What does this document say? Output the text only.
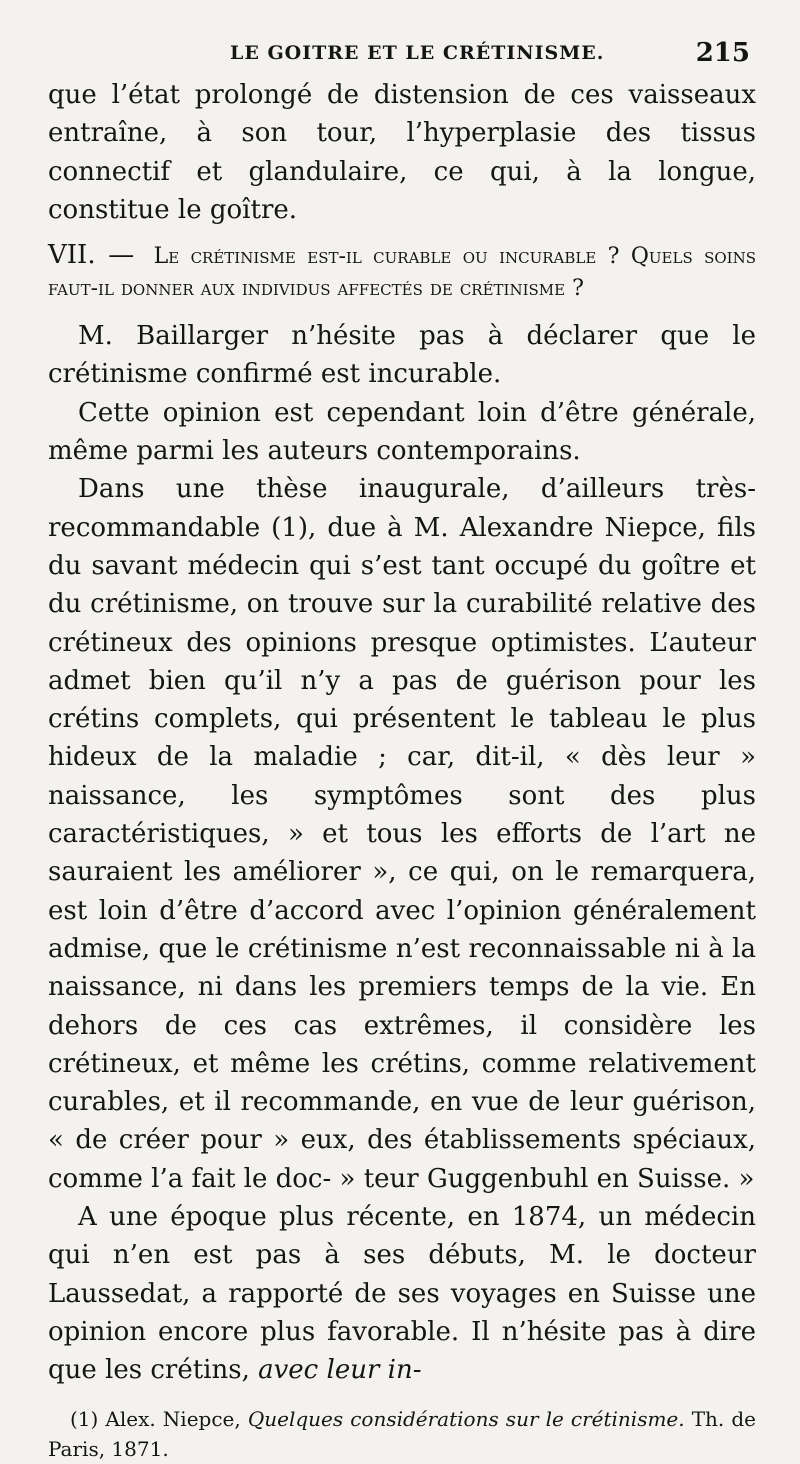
LE GOITRE ET LE CRÉTINISME.	215

que l’état prolongé de distension de ces vaisseaux entraîne, à son tour, l’hyperplasie des tissus connectif et glandulaire, ce qui, à la longue, constitue le goître.

VII. — Le crétinisme est-il curable ou incurable ? Quels soins faut-il donner aux individus affectés de crétinisme ?

M. Baillarger n’hésite pas à déclarer que le crétinisme confirmé est incurable.

Cette opinion est cependant loin d’être générale, même parmi les auteurs contemporains.

Dans une thèse inaugurale, d’ailleurs très-recommandable (1), due à M. Alexandre Niepce, fils du savant médecin qui s’est tant occupé du goître et du crétinisme, on trouve sur la curabilité relative des crétineux des opinions presque optimistes. L’auteur admet bien qu’il n’y a pas de guérison pour les crétins complets, qui présentent le tableau le plus hideux de la maladie ; car, dit-il, « dès leur » naissance, les symptômes sont des plus caractéristiques, » et tous les efforts de l’art ne sauraient les améliorer », ce qui, on le remarquera, est loin d’être d’accord avec l’opinion généralement admise, que le crétinisme n’est reconnaissable ni à la naissance, ni dans les premiers temps de la vie. En dehors de ces cas extrêmes, il considère les crétineux, et même les crétins, comme relativement curables, et il recommande, en vue de leur guérison, « de créer pour » eux, des établissements spéciaux, comme l’a fait le doc- » teur Guggenbuhl en Suisse. »

A une époque plus récente, en 1874, un médecin qui n’en est pas à ses débuts, M. le docteur Laussedat, a rapporté de ses voyages en Suisse une opinion encore plus favorable. Il n’hésite pas à dire que les crétins, avec leur in-

(1) Alex. Niepce, Quelques considérations sur le crétinisme. Th. de Paris, 1871.
